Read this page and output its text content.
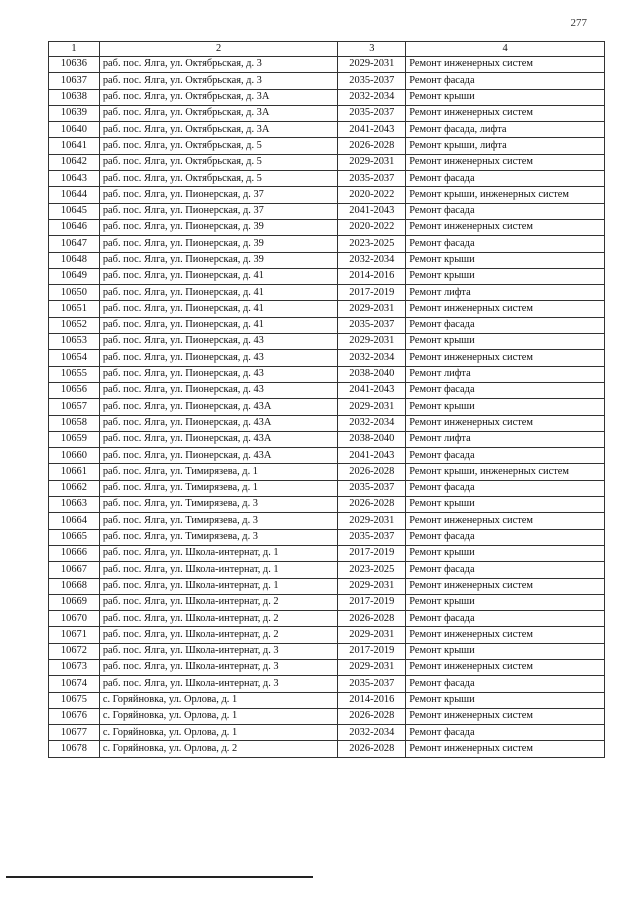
277
1	2	3	4
10636	раб. пос. Ялга, ул. Октябрьская, д. 3	2029-2031	Ремонт инженерных систем
10637	раб. пос. Ялга, ул. Октябрьская, д. 3	2035-2037	Ремонт фасада
10638	раб. пос. Ялга, ул. Октябрьская, д. 3А	2032-2034	Ремонт крыши
10639	раб. пос. Ялга, ул. Октябрьская, д. 3А	2035-2037	Ремонт инженерных систем
10640	раб. пос. Ялга, ул. Октябрьская, д. 3А	2041-2043	Ремонт фасада, лифта
10641	раб. пос. Ялга, ул. Октябрьская, д. 5	2026-2028	Ремонт крыши, лифта
10642	раб. пос. Ялга, ул. Октябрьская, д. 5	2029-2031	Ремонт инженерных систем
10643	раб. пос. Ялга, ул. Октябрьская, д. 5	2035-2037	Ремонт фасада
10644	раб. пос. Ялга, ул. Пионерская, д. 37	2020-2022	Ремонт крыши, инженерных систем
10645	раб. пос. Ялга, ул. Пионерская, д. 37	2041-2043	Ремонт фасада
10646	раб. пос. Ялга, ул. Пионерская, д. 39	2020-2022	Ремонт инженерных систем
10647	раб. пос. Ялга, ул. Пионерская, д. 39	2023-2025	Ремонт фасада
10648	раб. пос. Ялга, ул. Пионерская, д. 39	2032-2034	Ремонт крыши
10649	раб. пос. Ялга, ул. Пионерская, д. 41	2014-2016	Ремонт крыши
10650	раб. пос. Ялга, ул. Пионерская, д. 41	2017-2019	Ремонт лифта
10651	раб. пос. Ялга, ул. Пионерская, д. 41	2029-2031	Ремонт инженерных систем
10652	раб. пос. Ялга, ул. Пионерская, д. 41	2035-2037	Ремонт фасада
10653	раб. пос. Ялга, ул. Пионерская, д. 43	2029-2031	Ремонт крыши
10654	раб. пос. Ялга, ул. Пионерская, д. 43	2032-2034	Ремонт инженерных систем
10655	раб. пос. Ялга, ул. Пионерская, д. 43	2038-2040	Ремонт лифта
10656	раб. пос. Ялга, ул. Пионерская, д. 43	2041-2043	Ремонт фасада
10657	раб. пос. Ялга, ул. Пионерская, д. 43А	2029-2031	Ремонт крыши
10658	раб. пос. Ялга, ул. Пионерская, д. 43А	2032-2034	Ремонт инженерных систем
10659	раб. пос. Ялга, ул. Пионерская, д. 43А	2038-2040	Ремонт лифта
10660	раб. пос. Ялга, ул. Пионерская, д. 43А	2041-2043	Ремонт фасада
10661	раб. пос. Ялга, ул. Тимирязева, д. 1	2026-2028	Ремонт крыши, инженерных систем
10662	раб. пос. Ялга, ул. Тимирязева, д. 1	2035-2037	Ремонт фасада
10663	раб. пос. Ялга, ул. Тимирязева, д. 3	2026-2028	Ремонт крыши
10664	раб. пос. Ялга, ул. Тимирязева, д. 3	2029-2031	Ремонт инженерных систем
10665	раб. пос. Ялга, ул. Тимирязева, д. 3	2035-2037	Ремонт фасада
10666	раб. пос. Ялга, ул. Школа-интернат, д. 1	2017-2019	Ремонт крыши
10667	раб. пос. Ялга, ул. Школа-интернат, д. 1	2023-2025	Ремонт фасада
10668	раб. пос. Ялга, ул. Школа-интернат, д. 1	2029-2031	Ремонт инженерных систем
10669	раб. пос. Ялга, ул. Школа-интернат, д. 2	2017-2019	Ремонт крыши
10670	раб. пос. Ялга, ул. Школа-интернат, д. 2	2026-2028	Ремонт фасада
10671	раб. пос. Ялга, ул. Школа-интернат, д. 2	2029-2031	Ремонт инженерных систем
10672	раб. пос. Ялга, ул. Школа-интернат, д. 3	2017-2019	Ремонт крыши
10673	раб. пос. Ялга, ул. Школа-интернат, д. 3	2029-2031	Ремонт инженерных систем
10674	раб. пос. Ялга, ул. Школа-интернат, д. 3	2035-2037	Ремонт фасада
10675	с. Горяйновка, ул. Орлова, д. 1	2014-2016	Ремонт крыши
10676	с. Горяйновка, ул. Орлова, д. 1	2026-2028	Ремонт инженерных систем
10677	с. Горяйновка, ул. Орлова, д. 1	2032-2034	Ремонт фасада
10678	с. Горяйновка, ул. Орлова, д. 2	2026-2028	Ремонт инженерных систем
